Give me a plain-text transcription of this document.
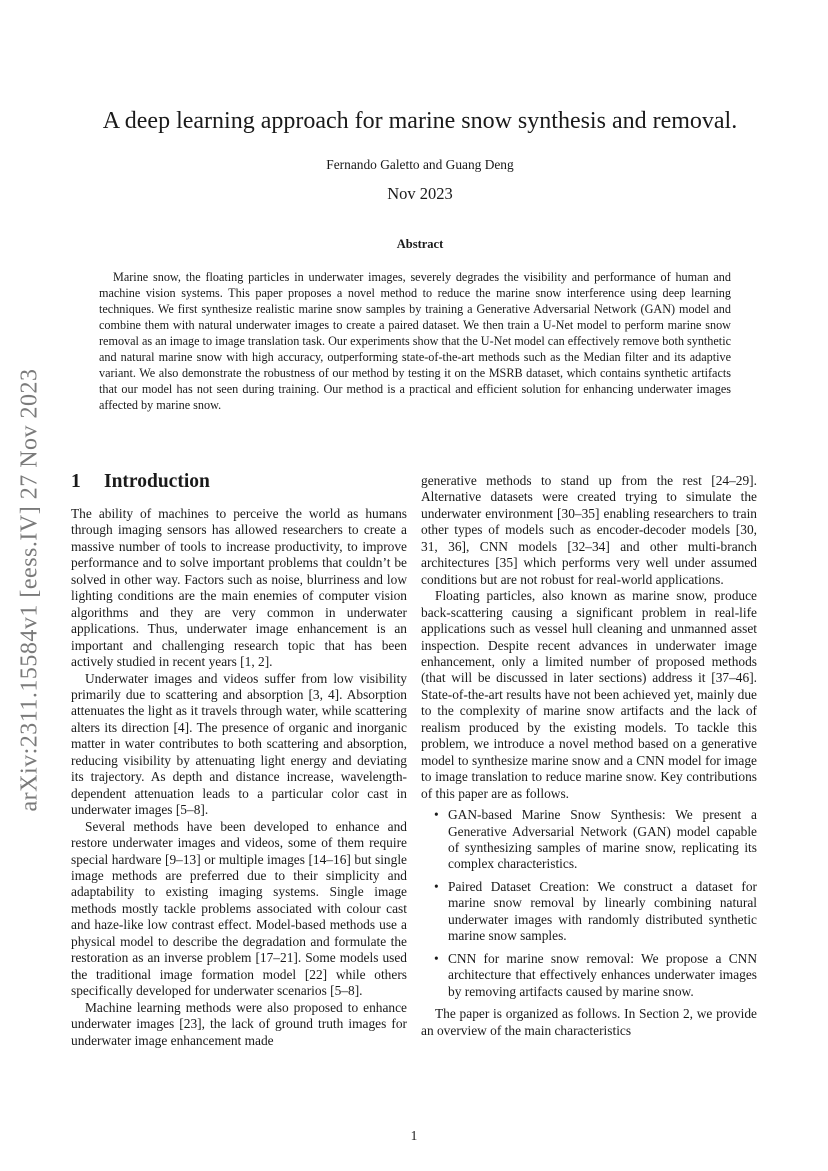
arXiv:2311.15584v1 [eess.IV] 27 Nov 2023
A deep learning approach for marine snow synthesis and removal.
Fernando Galetto and Guang Deng
Nov 2023
Abstract

Marine snow, the floating particles in underwater images, severely degrades the visibility and performance of human and machine vision systems. This paper proposes a novel method to reduce the marine snow interference using deep learning techniques. We first synthesize realistic marine snow samples by training a Generative Adversarial Network (GAN) model and combine them with natural underwater images to create a paired dataset. We then train a U-Net model to perform marine snow removal as an image to image translation task. Our experiments show that the U-Net model can effectively remove both synthetic and natural marine snow with high accuracy, outperforming state-of-the-art methods such as the Median filter and its adaptive variant. We also demonstrate the robustness of our method by testing it on the MSRB dataset, which contains synthetic artifacts that our model has not seen during training. Our method is a practical and efficient solution for enhancing underwater images affected by marine snow.

1 Introduction

The ability of machines to perceive the world as humans through imaging sensors has allowed researchers to create a massive number of tools to increase productivity, to improve performance and to solve important problems that couldn’t be solved in other way. Factors such as noise, blurriness and low lighting conditions are the main enemies of computer vision algorithms and they are very common in underwater applications. Thus, underwater image enhancement is an important and challenging research topic that has been actively studied in recent years [1, 2].

Underwater images and videos suffer from low visibility primarily due to scattering and absorption [3, 4]. Absorption attenuates the light as it travels through water, while scattering alters its direction [4]. The presence of organic and inorganic matter in water contributes to both scattering and absorption, reducing visibility by attenuating light energy and deviating its trajectory. As depth and distance increase, wavelength-dependent attenuation leads to a particular color cast in underwater images [5–8].

Several methods have been developed to enhance and restore underwater images and videos, some of them require special hardware [9–13] or multiple images [14–16] but single image methods are preferred due to their simplicity and adaptability to existing imaging systems. Single image methods mostly tackle problems associated with colour cast and haze-like low contrast effect. Model-based methods use a physical model to describe the degradation and formulate the restoration as an inverse problem [17–21]. Some models used the traditional image formation model [22] while others specifically developed for underwater scenarios [5–8].

Machine learning methods were also proposed to enhance underwater images [23], the lack of ground truth images for underwater image enhancement made

generative methods to stand up from the rest [24–29]. Alternative datasets were created trying to simulate the underwater environment [30–35] enabling researchers to train other types of models such as encoder-decoder models [30, 31, 36], CNN models [32–34] and other multi-branch architectures [35] which performs very well under assumed conditions but are not robust for real-world applications.

Floating particles, also known as marine snow, produce back-scattering causing a significant problem in real-life applications such as vessel hull cleaning and unmanned asset inspection. Despite recent advances in underwater image enhancement, only a limited number of proposed methods (that will be discussed in later sections) address it [37–46]. State-of-the-art results have not been achieved yet, mainly due to the complexity of marine snow artifacts and the lack of realism produced by the existing models. To tackle this problem, we introduce a novel method based on a generative model to synthesize marine snow and a CNN model for image to image translation to reduce marine snow. Key contributions of this paper are as follows.

• GAN-based Marine Snow Synthesis: We present a Generative Adversarial Network (GAN) model capable of synthesizing samples of marine snow, replicating its complex characteristics.
• Paired Dataset Creation: We construct a dataset for marine snow removal by linearly combining natural underwater images with randomly distributed synthetic marine snow samples.
• CNN for marine snow removal: We propose a CNN architecture that effectively enhances underwater images by removing artifacts caused by marine snow.

The paper is organized as follows. In Section 2, we provide an overview of the main characteristics

1
